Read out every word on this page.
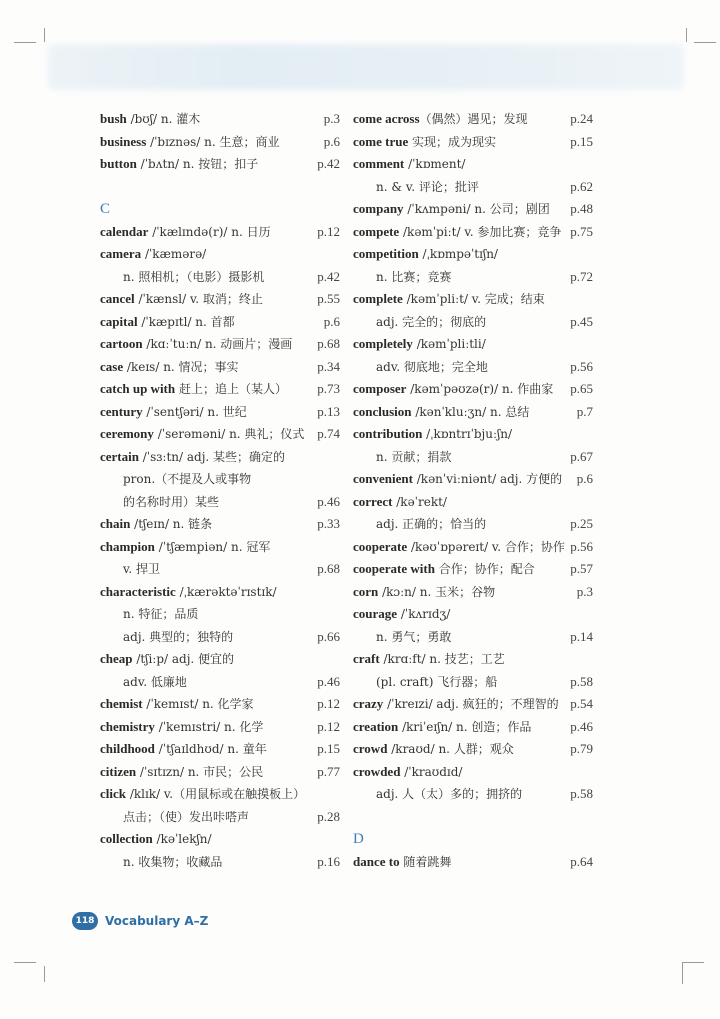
bush /bʊʃ/ n. 灌木	p.3
business /ˈbɪznəs/ n. 生意；商业	p.6
button /ˈbʌtn/ n. 按钮；扣子	p.42
C
calendar /ˈkælɪndə(r)/ n. 日历	p.12
camera /ˈkæmərə/
n. 照相机；（电影）摄影机	p.42
cancel /ˈkænsl/ v. 取消；终止	p.55
capital /ˈkæpɪtl/ n. 首都	p.6
cartoon /kɑːˈtuːn/ n. 动画片；漫画 p.68
case /keɪs/ n. 情况；事实	p.34
catch up with 赶上；追上（某人） p.73
century /ˈsentʃəri/ n. 世纪	p.13
ceremony /ˈserəməni/ n. 典礼；仪式 p.74
certain /ˈsɜːtn/ adj. 某些；确定的
pron.（不提及人或事物
的名称时用）某些	p.46
chain /tʃeɪn/ n. 链条	p.33
champion /ˈtʃæmpiən/ n. 冠军
v. 捍卫	p.68
characteristic /ˌkærəktəˈrɪstɪk/
n. 特征；品质
adj. 典型的；独特的	p.66
cheap /tʃiːp/ adj. 便宜的
adv. 低廉地	p.46
chemist /ˈkemɪst/ n. 化学家	p.12
chemistry /ˈkemɪstri/ n. 化学	p.12
childhood /ˈtʃaɪldhʊd/ n. 童年	p.15
citizen /ˈsɪtɪzn/ n. 市民；公民	p.77
click /klɪk/ v.（用鼠标或在触摸板上）
点击；（使）发出咔嗒声	p.28
collection /kəˈlekʃn/
n. 收集物；收藏品	p.16
come across（偶然）遇见；发现	p.24
come true 实现；成为现实	p.15
comment /ˈkɒment/
n. & v. 评论；批评	p.62
company /ˈkʌmpəni/ n. 公司；剧团 p.48
compete /kəmˈpiːt/ v. 参加比赛；竞争 p.75
competition /ˌkɒmpəˈtɪʃn/
n. 比赛；竞赛	p.72
complete /kəmˈpliːt/ v. 完成；结束
adj. 完全的；彻底的	p.45
completely /kəmˈpliːtli/
adv. 彻底地；完全地	p.56
composer /kəmˈpəʊzə(r)/ n. 作曲家 p.65
conclusion /kənˈkluːʒn/ n. 总结	p.7
contribution /ˌkɒntrɪˈbjuːʃn/
n. 贡献；捐款	p.67
convenient /kənˈviːniənt/ adj. 方便的 p.6
correct /kəˈrekt/
adj. 正确的；恰当的	p.25
cooperate /kəʊˈɒpəreɪt/ v. 合作；协作 p.56
cooperate with 合作；协作；配合	p.57
corn /kɔːn/ n. 玉米；谷物	p.3
courage /ˈkʌrɪdʒ/
n. 勇气；勇敢	p.14
craft /krɑːft/ n. 技艺；工艺
(pl. craft) 飞行器；船	p.58
crazy /ˈkreɪzi/ adj. 疯狂的；不理智的 p.54
creation /kriˈeɪʃn/ n. 创造；作品	p.46
crowd /kraʊd/ n. 人群；观众	p.79
crowded /ˈkraʊdɪd/
adj. 人（太）多的；拥挤的	p.58
D
dance to 随着跳舞	p.64
118 Vocabulary A–Z
